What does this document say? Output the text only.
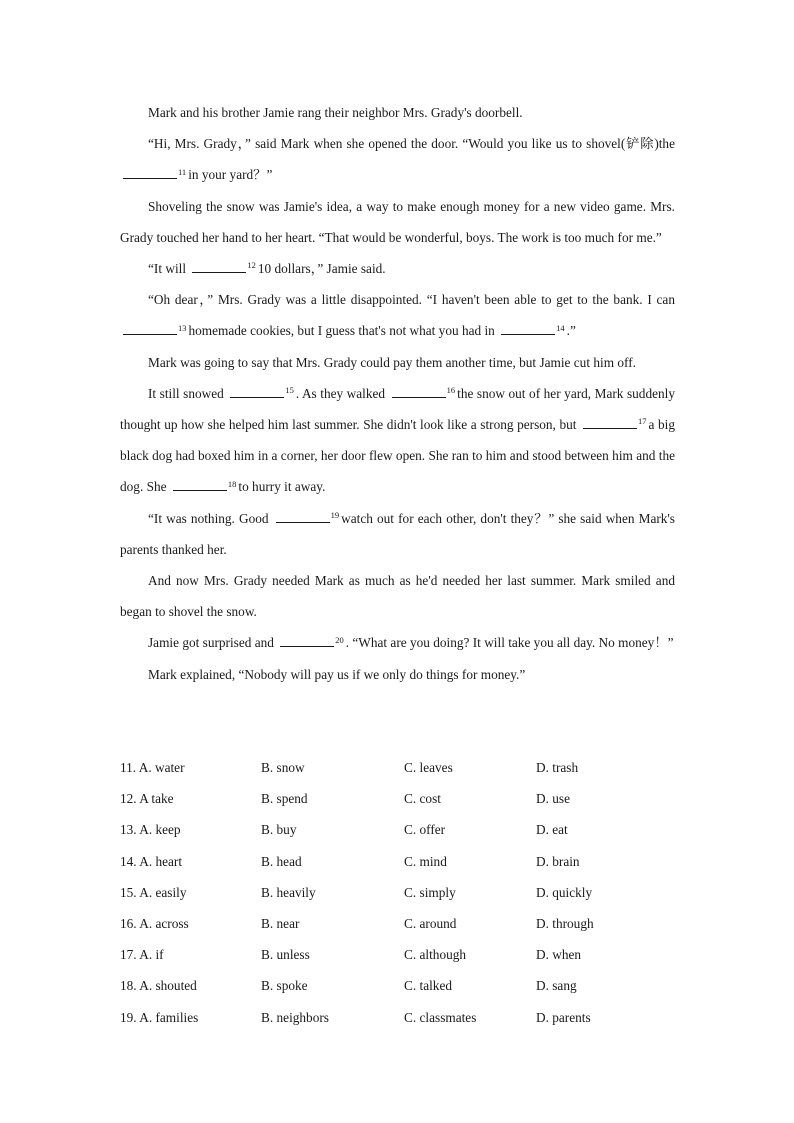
Mark and his brother Jamie rang their neighbor Mrs. Grady's doorbell.

“Hi, Mrs. Grady，” said Mark when she opened the door. “Would you like us to shovel(铲除)the $^{11}$ in your yard？”

Shoveling the snow was Jamie's idea, a way to make enough money for a new video game. Mrs. Grady touched her hand to her heart. “That would be wonderful, boys. The work is too much for me.”

“It will	$^{12}$ 10 dollars，” Jamie said.

“Oh dear，” Mrs. Grady was a little disappointed. “I haven't been able to get to the bank. I can $^{13}$ homemade cookies, but I guess that's not what you had in	$^{14}$ .”

Mark was going to say that Mrs. Grady could pay them another time, but Jamie cut him off.

It still snowed	$^{15}$ . As they walked	$^{16}$ the snow out of her yard, Mark suddenly thought up how she helped him last summer. She didn't look like a strong person, but	$^{17}$ a big black dog had boxed him in a corner, her door flew open. She ran to him and stood between him and the dog. She	$^{18}$ to hurry it away.

“It was nothing. Good	$^{19}$ watch out for each other, don't they？” she said when Mark's parents thanked her.

And now Mrs. Grady needed Mark as much as he'd needed her last summer. Mark smiled and began to shovel the snow.

Jamie got surprised and	$^{20}$ . “What are you doing? It will take you all day. No money！”

Mark explained, “Nobody will pay us if we only do things for money.”

11. A. water	B. snow	C. leaves	D. trash
12. A take	B. spend	C. cost	D. use
13. A. keep	B. buy	C. offer	D. eat
14. A. heart	B. head	C. mind	D. brain
15. A. easily	B. heavily	C. simply	D. quickly
16. A. across	B. near	C. around	D. through
17. A. if	B. unless	C. although	D. when
18. A. shouted	B. spoke	C. talked	D. sang
19. A. families	B. neighbors	C. classmates	D. parents
